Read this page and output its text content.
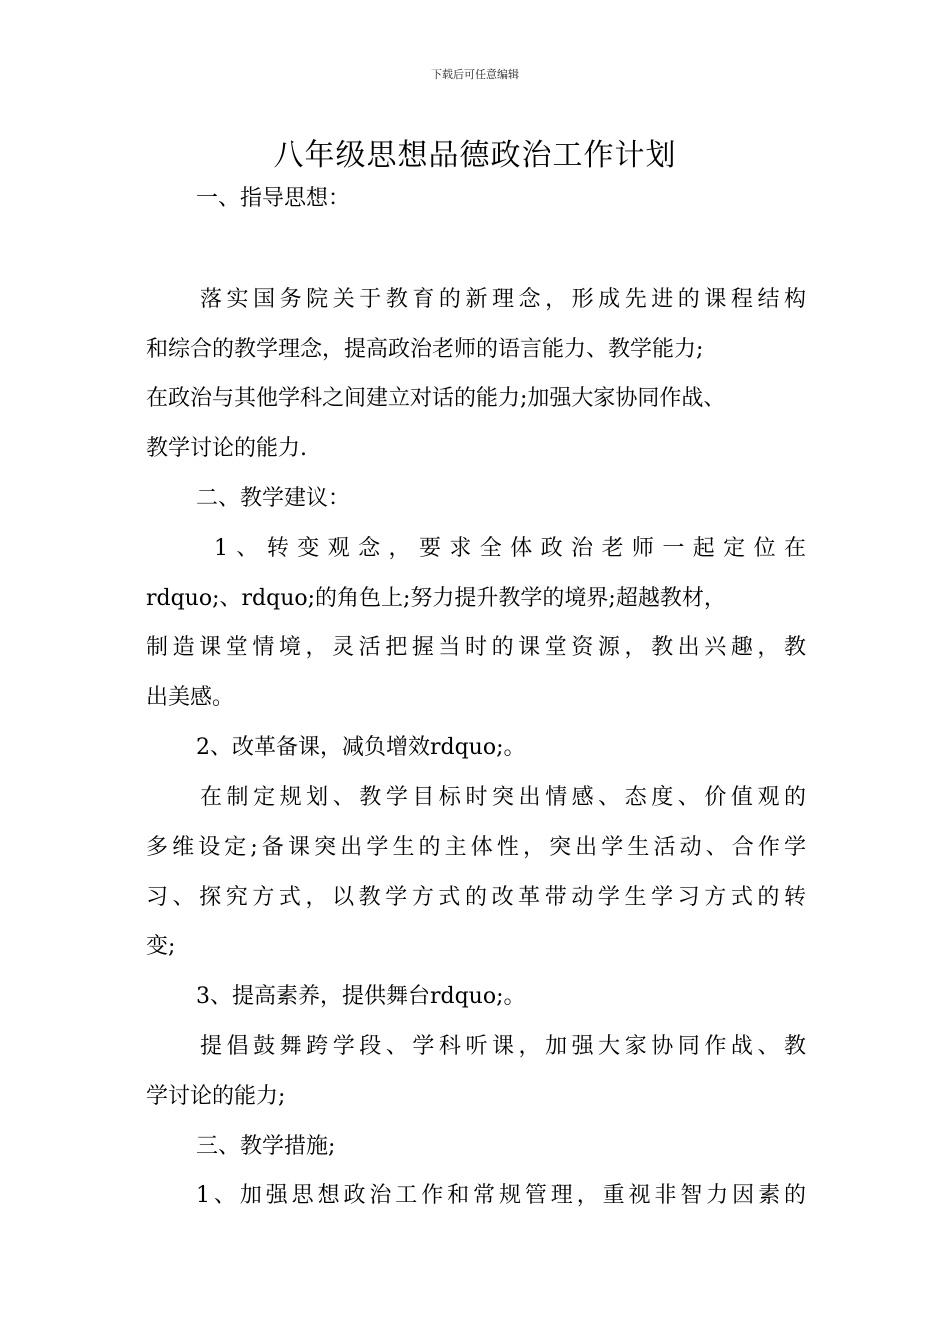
下载后可任意编辑
八年级思想品德政治工作计划
一、指导思想：
落实国务院关于教育的新理念，形成先进的课程结构
和综合的教学理念，提高政治老师的语言能力、教学能力;
在政治与其他学科之间建立对话的能力;加强大家协同作战、
教学讨论的能力.
二、教学建议：
1、转变观念，要求全体政治老师一起定位在
rdquo;、rdquo;的角色上;努力提升教学的境界;超越教材，
制造课堂情境，灵活把握当时的课堂资源，教出兴趣，教
出美感。
2、改革备课，减负增效rdquo;。
在制定规划、教学目标时突出情感、态度、价值观的
多维设定;备课突出学生的主体性，突出学生活动、合作学
习、探究方式，以教学方式的改革带动学生学习方式的转
变;
3、提高素养，提供舞台rdquo;。
提倡鼓舞跨学段、学科听课，加强大家协同作战、教
学讨论的能力;
三、教学措施;
1、加强思想政治工作和常规管理，重视非智力因素的
